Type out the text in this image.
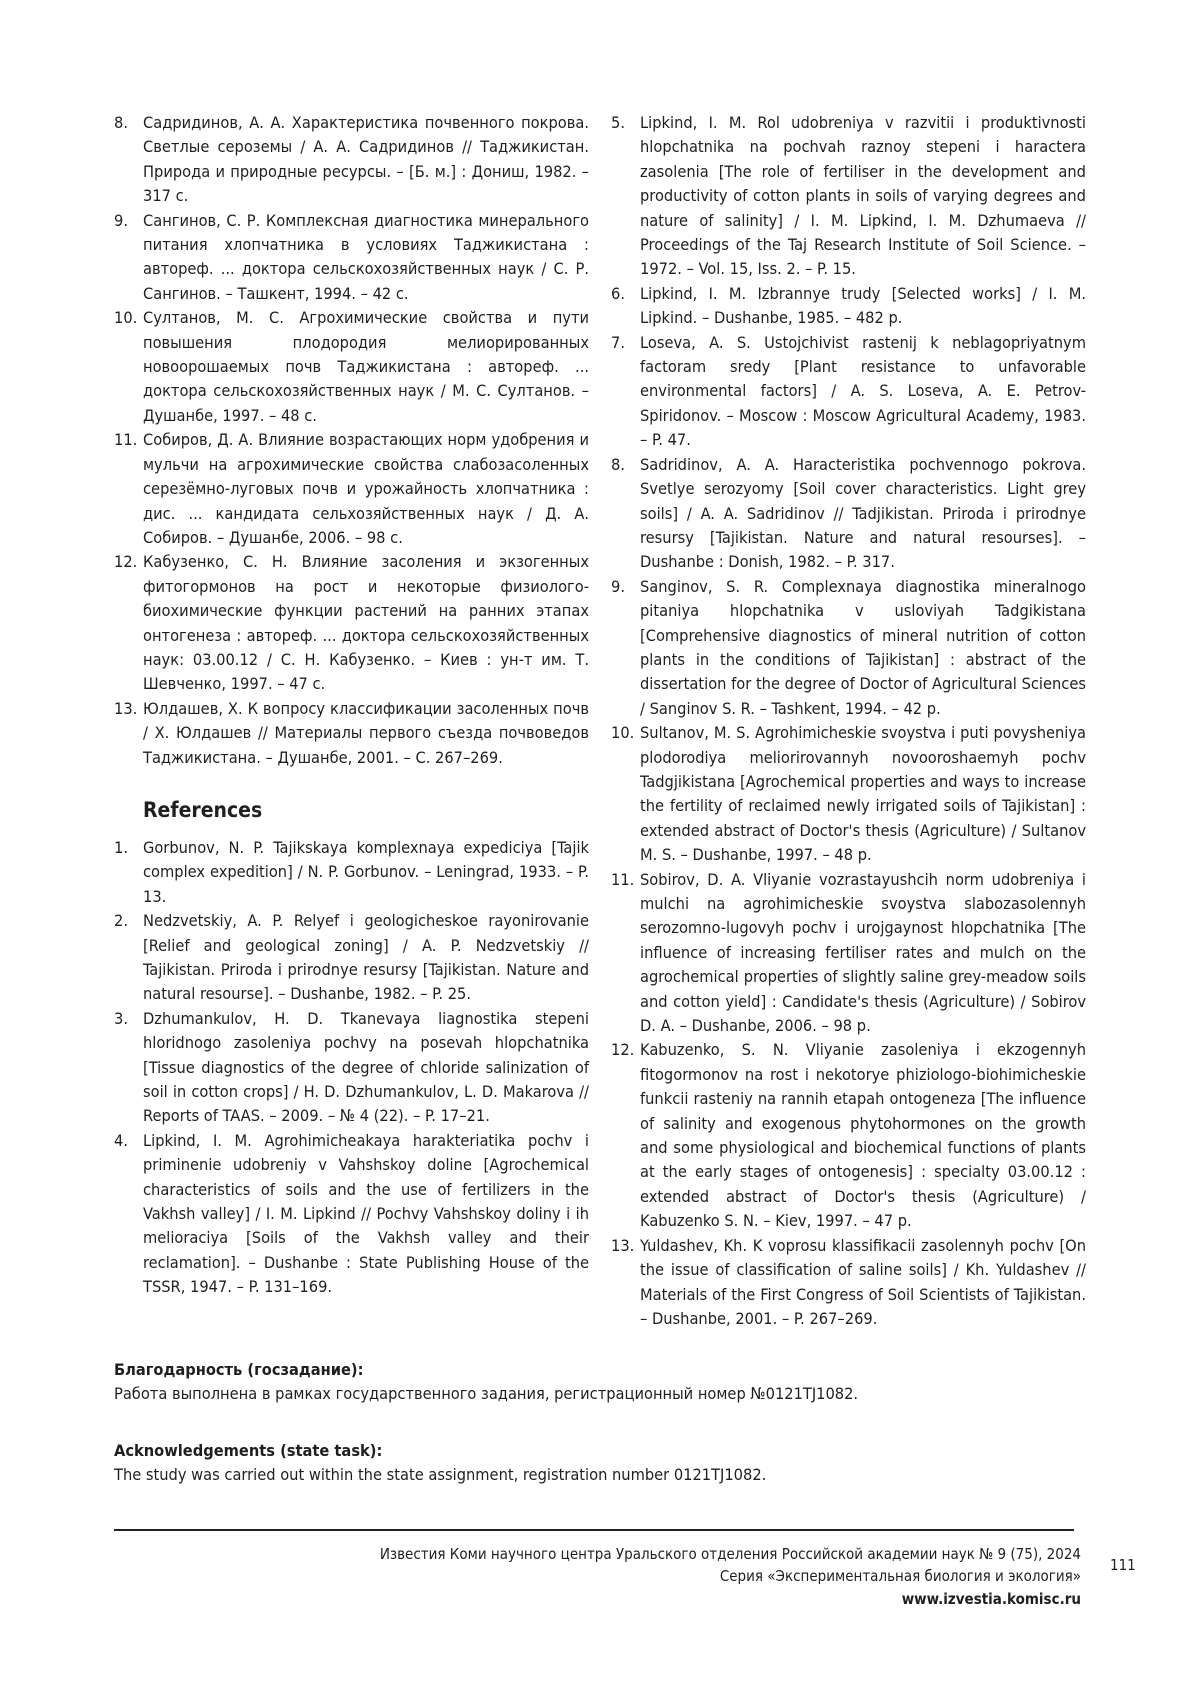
8. Садридинов, А. А. Характеристика почвенного покрова. Светлые сероземы / А. А. Садридинов // Таджикистан. Природа и природные ресурсы. – [Б. м.] : Дониш, 1982. – 317 с.
9. Сангинов, С. Р. Комплексная диагностика минерального питания хлопчатника в условиях Таджикистана : автореф. ... доктора сельскохозяйственных наук / С. Р. Сангинов. – Ташкент, 1994. – 42 с.
10. Султанов, М. С. Агрохимические свойства и пути повышения плодородия мелиорированных новоорошаемых почв Таджикистана : автореф. ... доктора сельскохозяйственных наук / М. С. Султанов. – Душанбе, 1997. – 48 с.
11. Собиров, Д. А. Влияние возрастающих норм удобрения и мульчи на агрохимические свойства слабозасоленных серезёмно-луговых почв и урожайность хлопчатника : дис. ... кандидата сельхозяйственных наук / Д. А. Собиров. – Душанбе, 2006. – 98 с.
12. Кабузенко, С. Н. Влияние засоления и экзогенных фитогормонов на рост и некоторые физиолого-биохимические функции растений на ранних этапах онтогенеза : автореф. ... доктора сельскохозяйственных наук: 03.00.12 / С. Н. Кабузенко. – Киев : ун-т им. Т. Шевченко, 1997. – 47 с.
13. Юлдашев, Х. К вопросу классификации засоленных почв / Х. Юлдашев // Материалы первого съезда почвоведов Таджикистана. – Душанбе, 2001. – С. 267–269.
References
1. Gorbunov, N. P. Tajikskaya komplexnaya expediciya [Tajik complex expedition] / N. P. Gorbunov. – Leningrad, 1933. – P. 13.
2. Nedzvetskiy, A. P. Relyef i geologicheskoe rayonirovanie [Relief and geological zoning] / A. P. Nedzvetskiy // Tajikistan. Priroda i prirodnye resursy [Tajikistan. Nature and natural resourse]. – Dushanbe, 1982. – P. 25.
3. Dzhumankulov, H. D. Tkanevaya liagnostika stepeni hloridnogo zasoleniya pochvy na posevah hlopchatnika [Tissue diagnostics of the degree of chloride salinization of soil in cotton crops] / H. D. Dzhumankulov, L. D. Makarova // Reports of TAAS. – 2009. – № 4 (22). – P. 17–21.
4. Lipkind, I. M. Agrohimicheakaya harakteriatika pochv i priminenie udobreniy v Vahshskoy doline [Agrochemical characteristics of soils and the use of fertilizers in the Vakhsh valley] / I. M. Lipkind // Pochvy Vahshskoy doliny i ih melioraciya [Soils of the Vakhsh valley and their reclamation]. – Dushanbe : State Publishing House of the TSSR, 1947. – P. 131–169.
5. Lipkind, I. M. Rol udobreniya v razvitii i produktivnosti hlopchatnika na pochvah raznoy stepeni i haractera zasolenia [The role of fertiliser in the development and productivity of cotton plants in soils of varying degrees and nature of salinity] / I. M. Lipkind, I. M. Dzhumaeva // Proceedings of the Taj Research Institute of Soil Science. – 1972. – Vol. 15, Iss. 2. – P. 15.
6. Lipkind, I. M. Izbrannye trudy [Selected works] / I. M. Lipkind. – Dushanbe, 1985. – 482 p.
7. Loseva, A. S. Ustojchivist rastenij k neblagopriyatnym factoram sredy [Plant resistance to unfavorable environmental factors] / A. S. Loseva, A. E. Petrov-Spiridonov. – Moscow : Moscow Agricultural Academy, 1983. – P. 47.
8. Sadridinov, A. A. Haracteristika pochvennogo pokrova. Svetlye serozyomy [Soil cover characteristics. Light grey soils] / A. A. Sadridinov // Tadjikistan. Priroda i prirodnye resursy [Tajikistan. Nature and natural resourses]. – Dushanbe : Donish, 1982. – P. 317.
9. Sanginov, S. R. Complexnaya diagnostika mineralnogo pitaniya hlopchatnika v usloviyah Tadgikistana [Comprehensive diagnostics of mineral nutrition of cotton plants in the conditions of Tajikistan] : abstract of the dissertation for the degree of Doctor of Agricultural Sciences / Sanginov S. R. – Tashkent, 1994. – 42 p.
10. Sultanov, M. S. Agrohimicheskie svoystva i puti povysheniya plodorodiya meliorirovannyh novooroshaemyh pochv Tadgjikistana [Agrochemical properties and ways to increase the fertility of reclaimed newly irrigated soils of Tajikistan] : extended abstract of Doctor's thesis (Agriculture) / Sultanov M. S. – Dushanbe, 1997. – 48 p.
11. Sobirov, D. A. Vliyanie vozrastayushcih norm udobreniya i mulchi na agrohimicheskie svoystva slabozasolennyh serozomno-lugovyh pochv i urojgaynost hlopchatnika [The influence of increasing fertiliser rates and mulch on the agrochemical properties of slightly saline grey-meadow soils and cotton yield] : Candidate's thesis (Agriculture) / Sobirov D. A. – Dushanbe, 2006. – 98 p.
12. Kabuzenko, S. N. Vliyanie zasoleniya i ekzogennyh fitogormonov na rost i nekotorye phiziologo-biohimicheskie funkcii rasteniy na rannih etapah ontogeneza [The influence of salinity and exogenous phytohormones on the growth and some physiological and biochemical functions of plants at the early stages of ontogenesis] : specialty 03.00.12 : extended abstract of Doctor's thesis (Agriculture) / Kabuzenko S. N. – Kiev, 1997. – 47 p.
13. Yuldashev, Kh. K voprosu klassifikacii zasolennyh pochv [On the issue of classification of saline soils] / Kh. Yuldashev // Materials of the First Congress of Soil Scientists of Tajikistan. – Dushanbe, 2001. – P. 267–269.
Благодарность (госзадание):
Работа выполнена в рамках государственного задания, регистрационный номер №0121TJ1082.
Acknowledgements (state task):
The study was carried out within the state assignment, registration number 0121TJ1082.
Известия Коми научного центра Уральского отделения Российской академии наук № 9 (75), 2024
Серия «Экспериментальная биология и экология»
www.izvestia.komisc.ru
111
